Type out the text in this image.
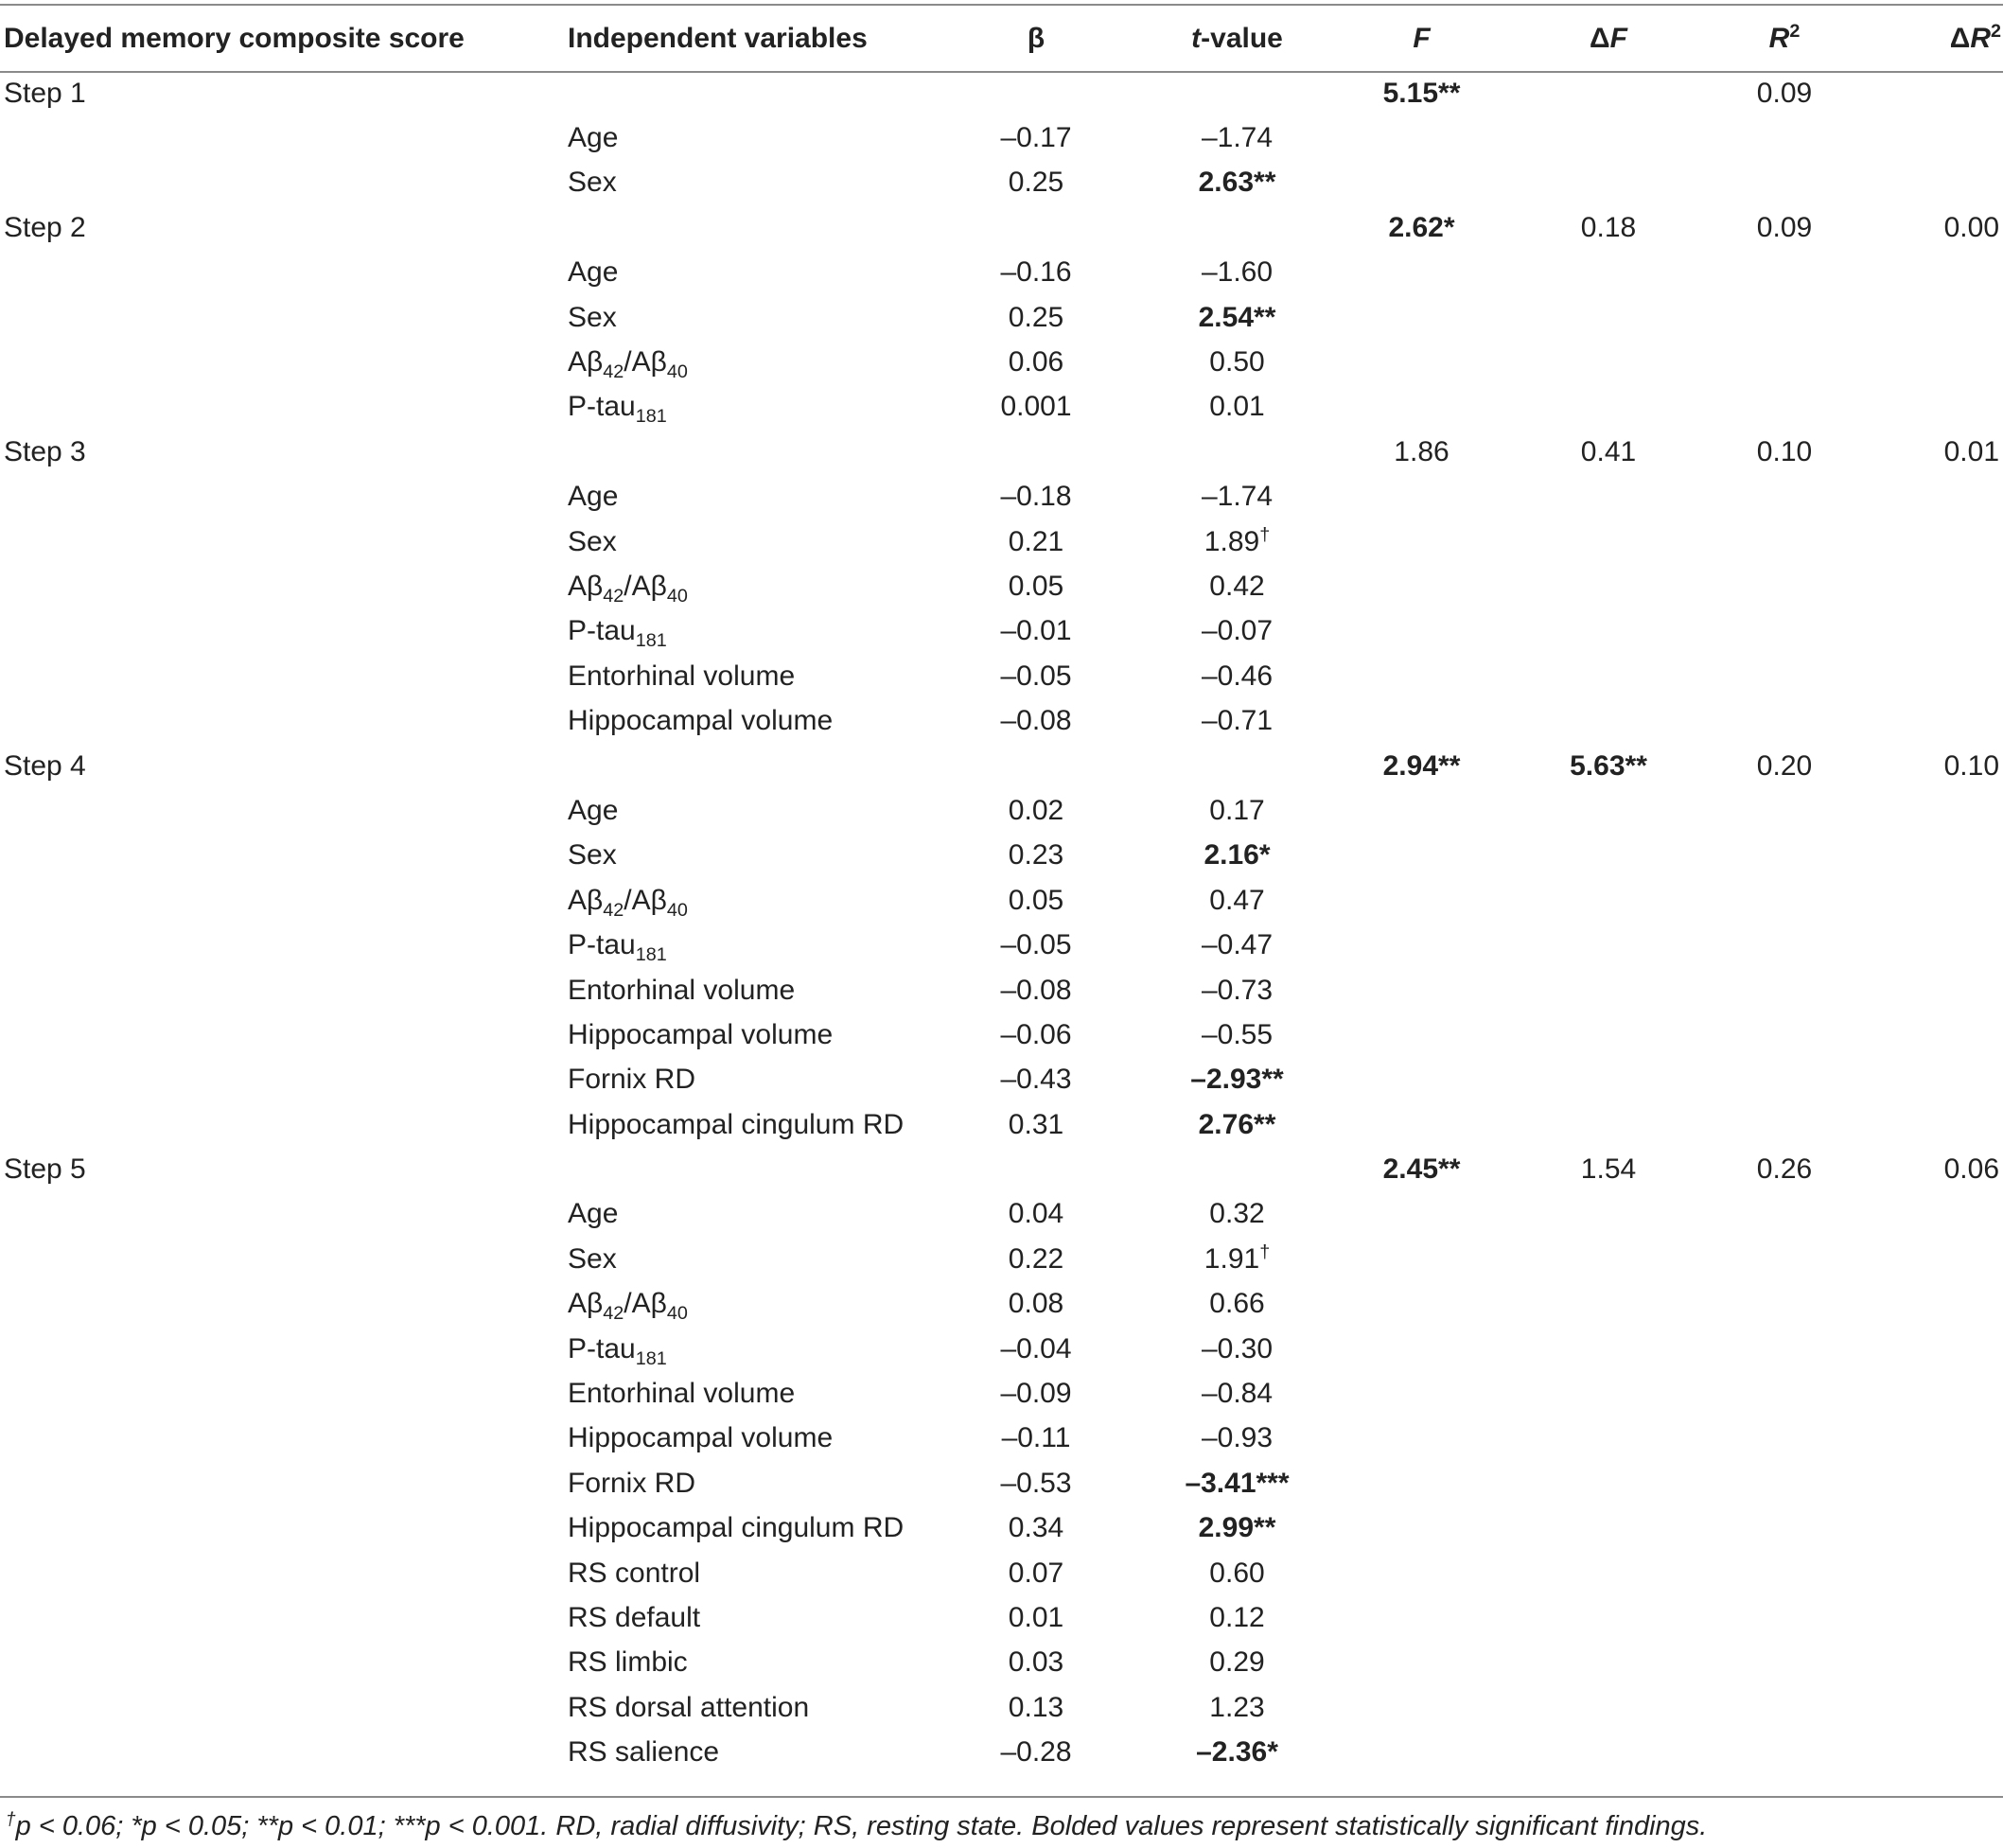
Delayed memory composite score	Independent variables	β	t-value	F	ΔF	$R^2$	$\Delta R^2$
Step 1				5.15**		0.09	
	Age	–0.17	–1.74				
	Sex	0.25	2.63**				
Step 2				2.62*	0.18	0.09	0.00
	Age	–0.16	–1.60				
	Sex	0.25	2.54**				
	$A\beta_{42}/A\beta_{40}$	0.06	0.50				
	P-tau$_{181}$	0.001	0.01				
Step 3				1.86	0.41	0.10	0.01
	Age	–0.18	–1.74				
	Sex	0.21	1.89†				
	$A\beta_{42}/A\beta_{40}$	0.05	0.42				
	P-tau$_{181}$	–0.01	–0.07				
	Entorhinal volume	–0.05	–0.46				
	Hippocampal volume	–0.08	–0.71				
Step 4				2.94**	5.63**	0.20	0.10
	Age	0.02	0.17				
	Sex	0.23	2.16*				
	$A\beta_{42}/A\beta_{40}$	0.05	0.47				
	P-tau$_{181}$	–0.05	–0.47				
	Entorhinal volume	–0.08	–0.73				
	Hippocampal volume	–0.06	–0.55				
	Fornix RD	–0.43	–2.93**				
	Hippocampal cingulum RD	0.31	2.76**				
Step 5				2.45**	1.54	0.26	0.06
	Age	0.04	0.32				
	Sex	0.22	1.91†				
	$A\beta_{42}/A\beta_{40}$	0.08	0.66				
	P-tau$_{181}$	–0.04	–0.30				
	Entorhinal volume	–0.09	–0.84				
	Hippocampal volume	–0.11	–0.93				
	Fornix RD	–0.53	–3.41***				
	Hippocampal cingulum RD	0.34	2.99**				
	RS control	0.07	0.60				
	RS default	0.01	0.12				
	RS limbic	0.03	0.29				
	RS dorsal attention	0.13	1.23				
	RS salience	–0.28	–2.36*				
†p < 0.06; *p < 0.05; **p < 0.01; ***p < 0.001. RD, radial diffusivity; RS, resting state. Bolded values represent statistically significant findings.
